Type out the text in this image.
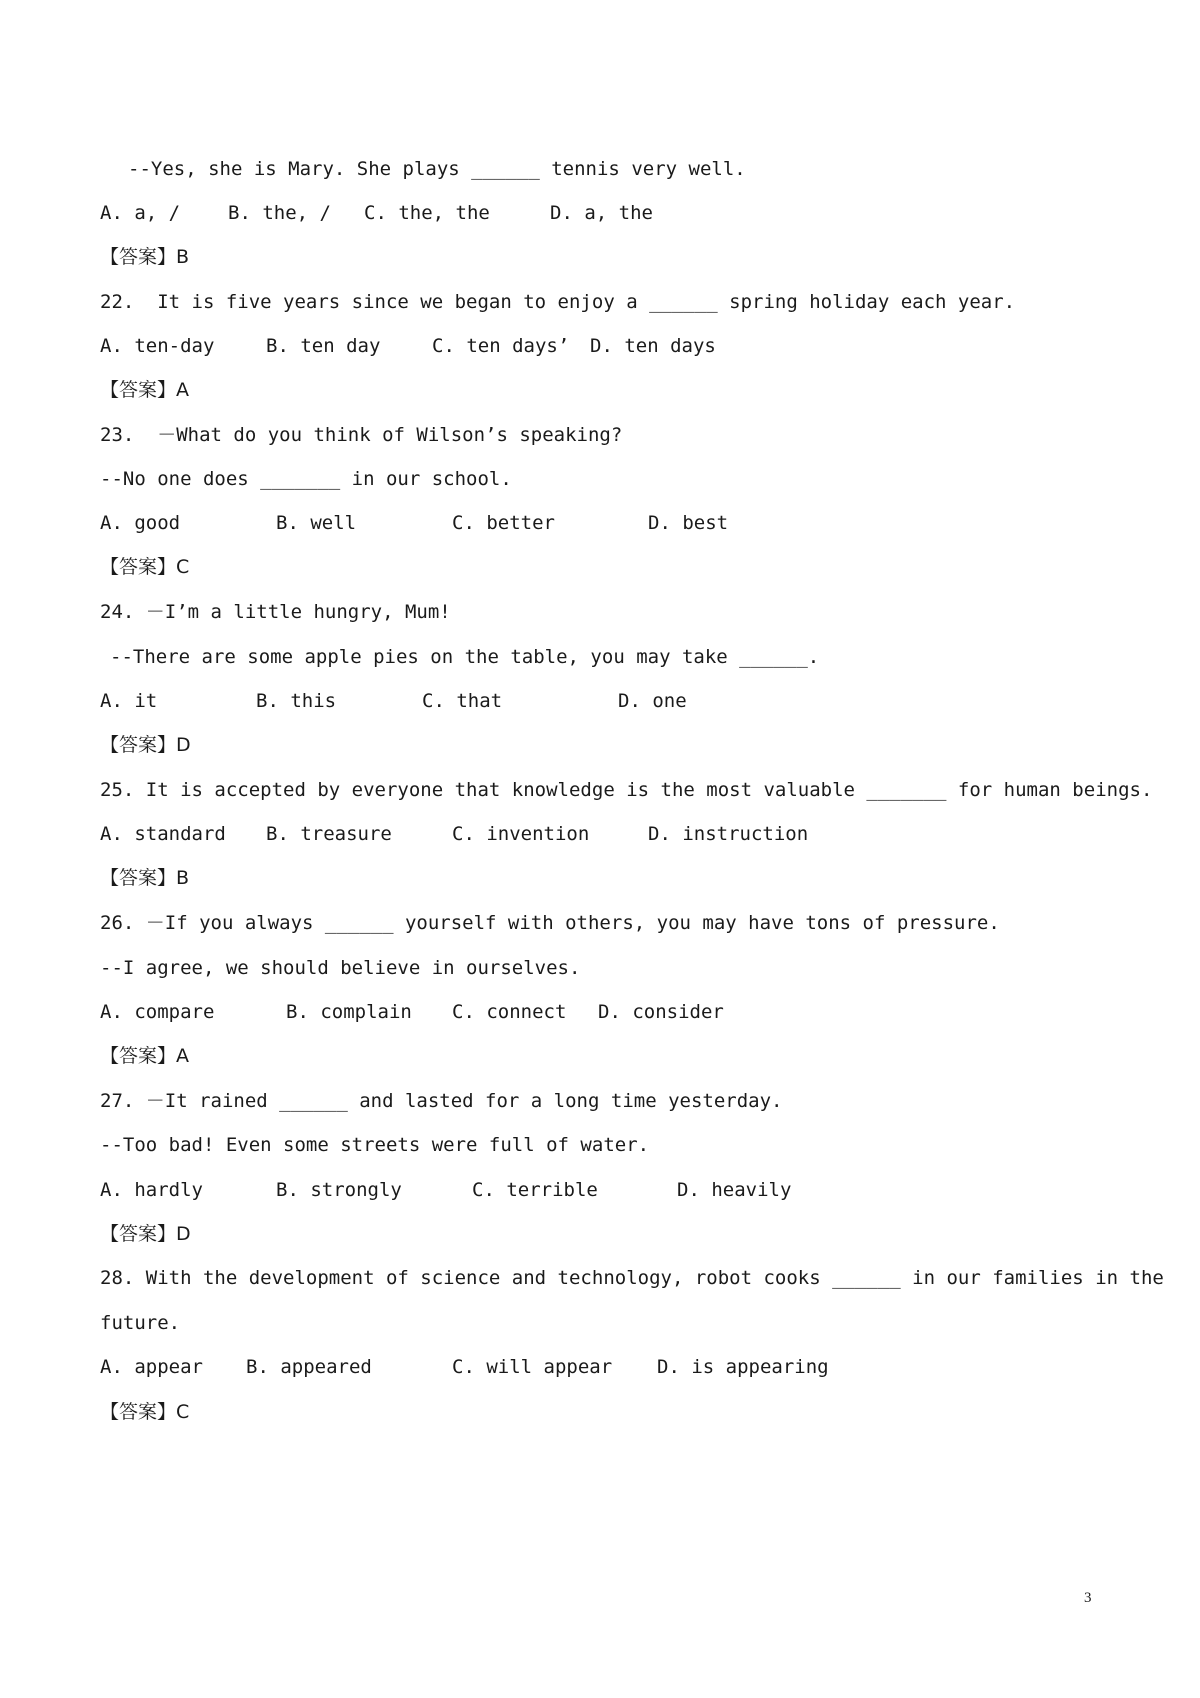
--Yes, she is Mary. She plays ______ tennis very well.

A. a, /

	B. the, /

C. the, the

	D. a, the

【答案】B

22.  It is five years since we began to enjoy a ______ spring holiday each year.

A. ten-day

	B. ten day

	C. ten days’

D. ten days

【答案】A

23.  －What do you think of Wilson’s speaking?

--No one does _______ in our school.

A. good

	B. well

	C. better

	D. best

【答案】C

24. －I’m a little hungry, Mum!

--There are some apple pies on the table, you may take ______.

A. it

	B. this

	C. that

	D. one

【答案】D

25. It is accepted by everyone that knowledge is the most valuable _______ for human beings.

A. standard

B. treasure

	C. invention

	D. instruction

【答案】B

26. －If you always ______ yourself with others, you may have tons of pressure.

--I agree, we should believe in ourselves.

A. compare

	B. complain

C. connect

D. consider

【答案】A

27. －It rained ______ and lasted for a long time yesterday.

--Too bad! Even some streets were full of water.

A. hardly

	B. strongly

	C. terrible

	D. heavily

【答案】D

28. With the development of science and technology, robot cooks ______ in our families in the

future.

A. appear

B. appeared

	C. will appear

D. is appearing

【答案】C

3
